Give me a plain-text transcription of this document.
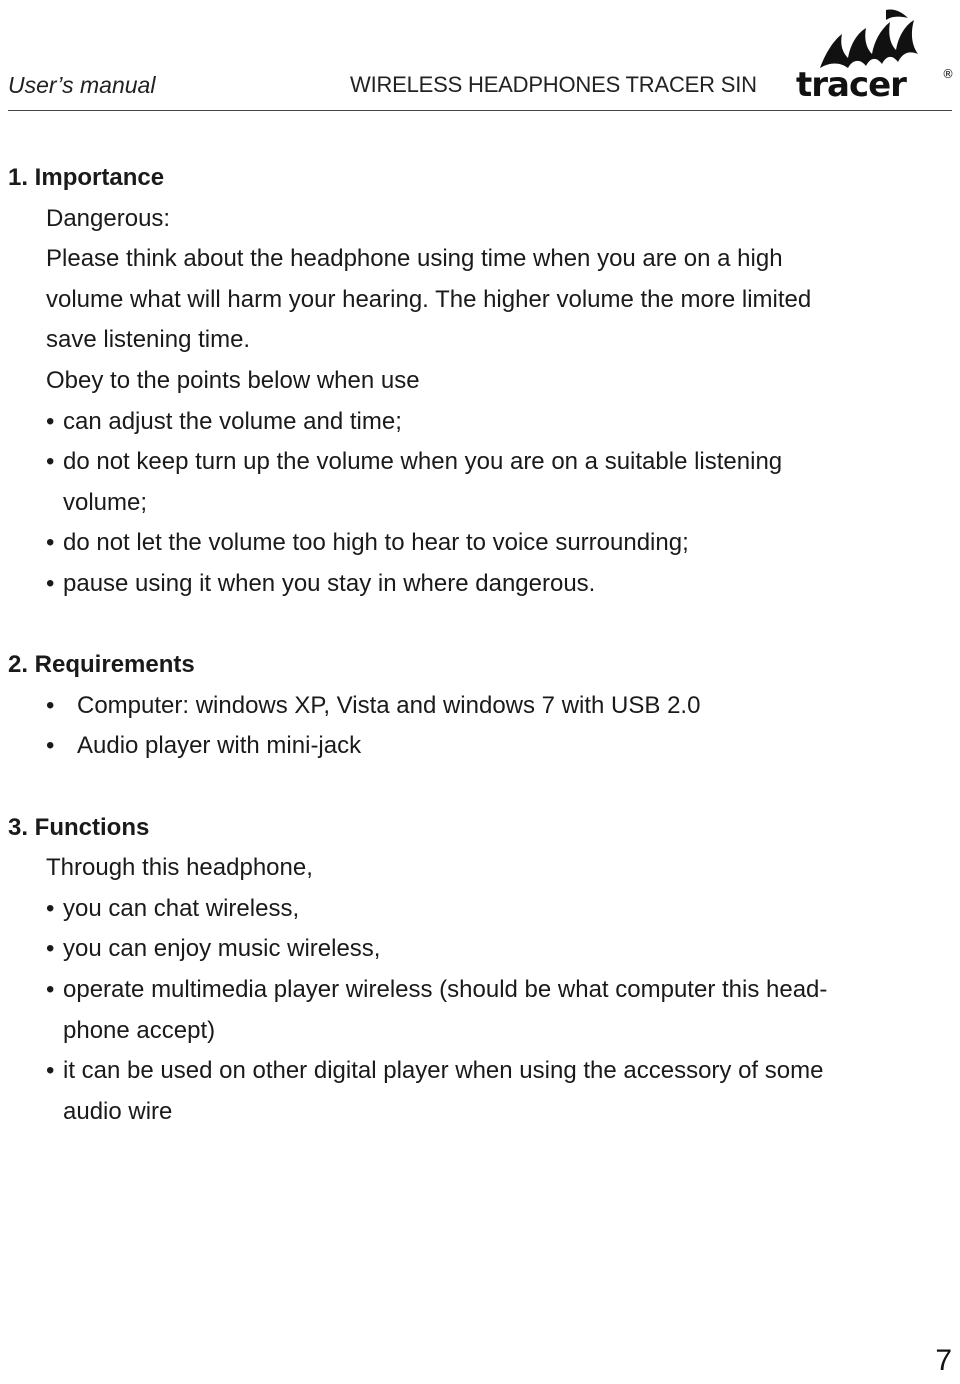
User’s manual	WIRELESS HEADPHONES TRACER SIN tracer	®
1. Importance
Dangerous:
Please think about the headphone using time when you are on a high
volume what will harm your hearing. The higher volume the more limited
save listening time.
Obey to the points below when use
• can adjust the volume and time;
• do not keep turn up the volume when you are on a suitable listening
volume;
• do not let the volume too high to hear to voice surrounding;
• pause using it when you stay in where dangerous.
2. Requirements
• Computer: windows XP, Vista and windows 7 with USB 2.0
• Audio player with mini-jack
3. Functions
Through this headphone,
• you can chat wireless,
• you can enjoy music wireless,
• operate multimedia player wireless (should be what computer this head-
phone accept)
• it can be used on other digital player when using the accessory of some
audio wire
7
